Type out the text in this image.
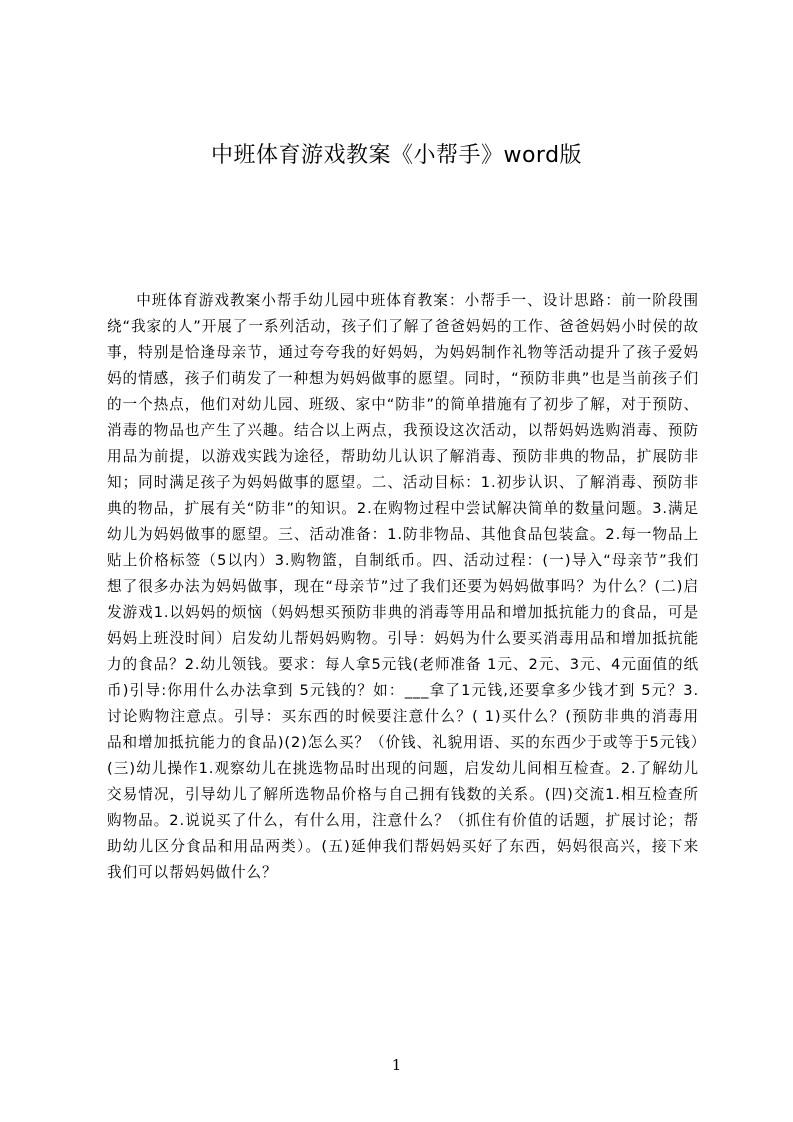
中班体育游戏教案《小帮手》word版

中班体育游戏教案小帮手幼儿园中班体育教案：小帮手一、设计思路：前一阶段围绕“我家的人”开展了一系列活动，孩子们了解了爸爸妈妈的工作、爸爸妈妈小时侯的故事，特别是恰逢母亲节，通过夸夸我的好妈妈，为妈妈制作礼物等活动提升了孩子爱妈妈的情感，孩子们萌发了一种想为妈妈做事的愿望。同时，“预防非典”也是当前孩子们的一个热点，他们对幼儿园、班级、家中“防非”的简单措施有了初步了解，对于预防、消毒的物品也产生了兴趣。结合以上两点，我预设这次活动，以帮妈妈选购消毒、预防用品为前提，以游戏实践为途径，帮助幼儿认识了解消毒、预防非典的物品，扩展防非知；同时满足孩子为妈妈做事的愿望。二、活动目标：1.初步认识、了解消毒、预防非典的物品，扩展有关“防非”的知识。2.在购物过程中尝试解决简单的数量问题。3.满足幼儿为妈妈做事的愿望。三、活动准备：1.防非物品、其他食品包装盒。2.每一物品上贴上价格标签（5以内）3.购物篮，自制纸币。四、活动过程：(一)导入“母亲节”我们想了很多办法为妈妈做事，现在“母亲节”过了我们还要为妈妈做事吗？为什么？(二)启发游戏1.以妈妈的烦恼（妈妈想买预防非典的消毒等用品和增加抵抗能力的食品，可是妈妈上班没时间）启发幼儿帮妈妈购物。引导：妈妈为什么要买消毒用品和增加抵抗能力的食品？2.幼儿领钱。要求：每人拿5元钱(老师准备 1元、2元、3元、4元面值的纸币)引导:你用什么办法拿到 5元钱的？如：___拿了1元钱,还要拿多少钱才到 5元？3.讨论购物注意点。引导：买东西的时候要注意什么？( 1)买什么？(预防非典的消毒用品和增加抵抗能力的食品)(2)怎么买？（价钱、礼貌用语、买的东西少于或等于5元钱）(三)幼儿操作1.观察幼儿在挑选物品时出现的问题，启发幼儿间相互检查。2.了解幼儿交易情况，引导幼儿了解所选物品价格与自己拥有钱数的关系。(四)交流1.相互检查所购物品。2.说说买了什么，有什么用，注意什么？（抓住有价值的话题，扩展讨论；帮助幼儿区分食品和用品两类）。(五)延伸我们帮妈妈买好了东西，妈妈很高兴，接下来我们可以帮妈妈做什么？

1
